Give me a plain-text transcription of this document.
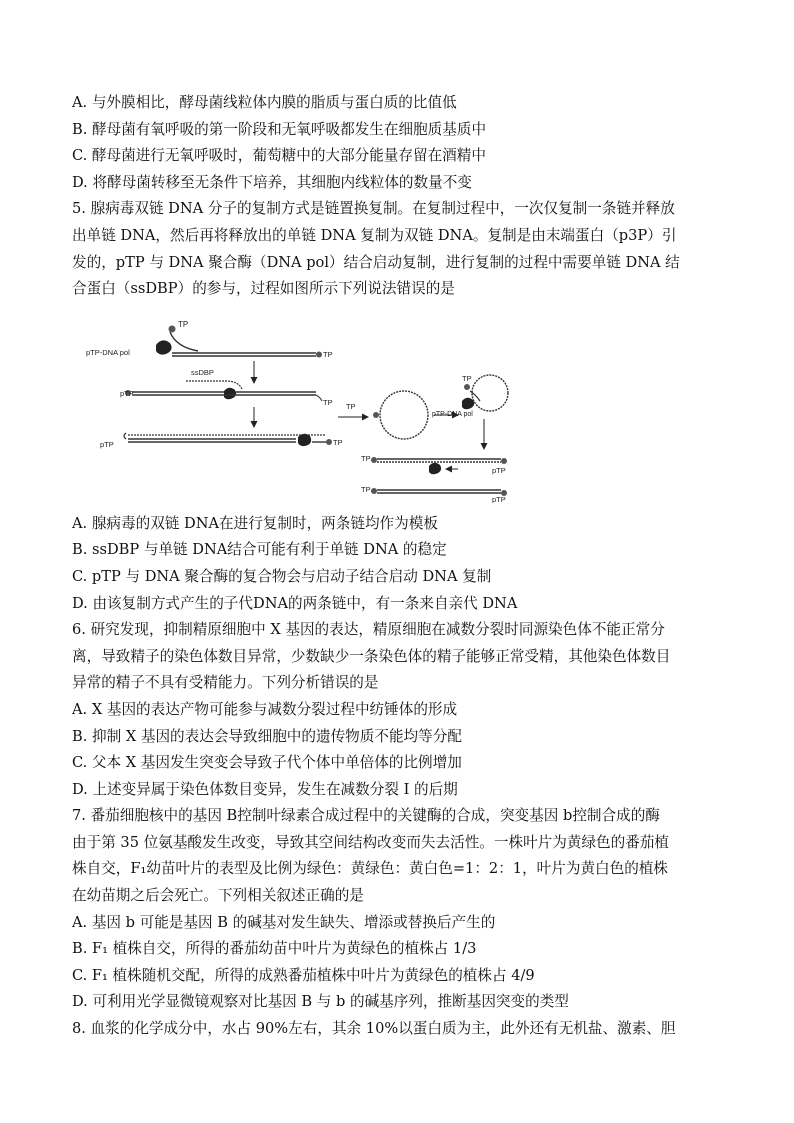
A. 与外膜相比，酵母菌线粒体内膜的脂质与蛋白质的比值低
B. 酵母菌有氧呼吸的第一阶段和无氧呼吸都发生在细胞质基质中
C. 酵母菌进行无氧呼吸时，葡萄糖中的大部分能量存留在酒精中
D. 将酵母菌转移至无条件下培养，其细胞内线粒体的数量不变
5. 腺病毒双链 DNA 分子的复制方式是链置换复制。在复制过程中，一次仅复制一条链并释放
出单链 DNA，然后再将释放出的单链 DNA 复制为双链 DNA。复制是由末端蛋白（p3P）引
发的，pTP 与 DNA 聚合酶（DNA pol）结合启动复制，进行复制的过程中需要单链 DNA 结
合蛋白（ssDBP）的参与，过程如图所示下列说法错误的是
TP
pTP-DNA pol	TP
ssDBP
pTP
TP
pTP	TP
TP
TP
pTP-DNA pol
TP
pTP
TP
pTP
A. 腺病毒的双链 DNA在进行复制时，两条链均作为模板
B. ssDBP 与单链 DNA结合可能有利于单链 DNA 的稳定
C. pTP 与 DNA 聚合酶的复合物会与启动子结合启动 DNA 复制
D. 由该复制方式产生的子代DNA的两条链中，有一条来自亲代 DNA
6. 研究发现，抑制精原细胞中 X 基因的表达，精原细胞在减数分裂时同源染色体不能正常分
离，导致精子的染色体数目异常，少数缺少一条染色体的精子能够正常受精，其他染色体数目
异常的精子不具有受精能力。下列分析错误的是
A. X 基因的表达产物可能参与减数分裂过程中纺锤体的形成
B. 抑制 X 基因的表达会导致细胞中的遗传物质不能均等分配
C. 父本 X 基因发生突变会导致子代个体中单倍体的比例增加
D. 上述变异属于染色体数目变异，发生在减数分裂 I 的后期
7. 番茄细胞核中的基因 B控制叶绿素合成过程中的关键酶的合成，突变基因 b控制合成的酶
由于第 35 位氨基酸发生改变，导致其空间结构改变而失去活性。一株叶片为黄绿色的番茄植
株自交，F₁幼苗叶片的表型及比例为绿色：黄绿色：黄白色=1：2：1，叶片为黄白色的植株
在幼苗期之后会死亡。下列相关叙述正确的是
A. 基因 b 可能是基因 B 的碱基对发生缺失、增添或替换后产生的
B. F₁ 植株自交，所得的番茄幼苗中叶片为黄绿色的植株占 1/3
C. F₁ 植株随机交配，所得的成熟番茄植株中叶片为黄绿色的植株占 4/9
D. 可利用光学显微镜观察对比基因 B 与 b 的碱基序列，推断基因突变的类型
8. 血浆的化学成分中，水占 90%左右，其余 10%以蛋白质为主，此外还有无机盐、激素、胆
